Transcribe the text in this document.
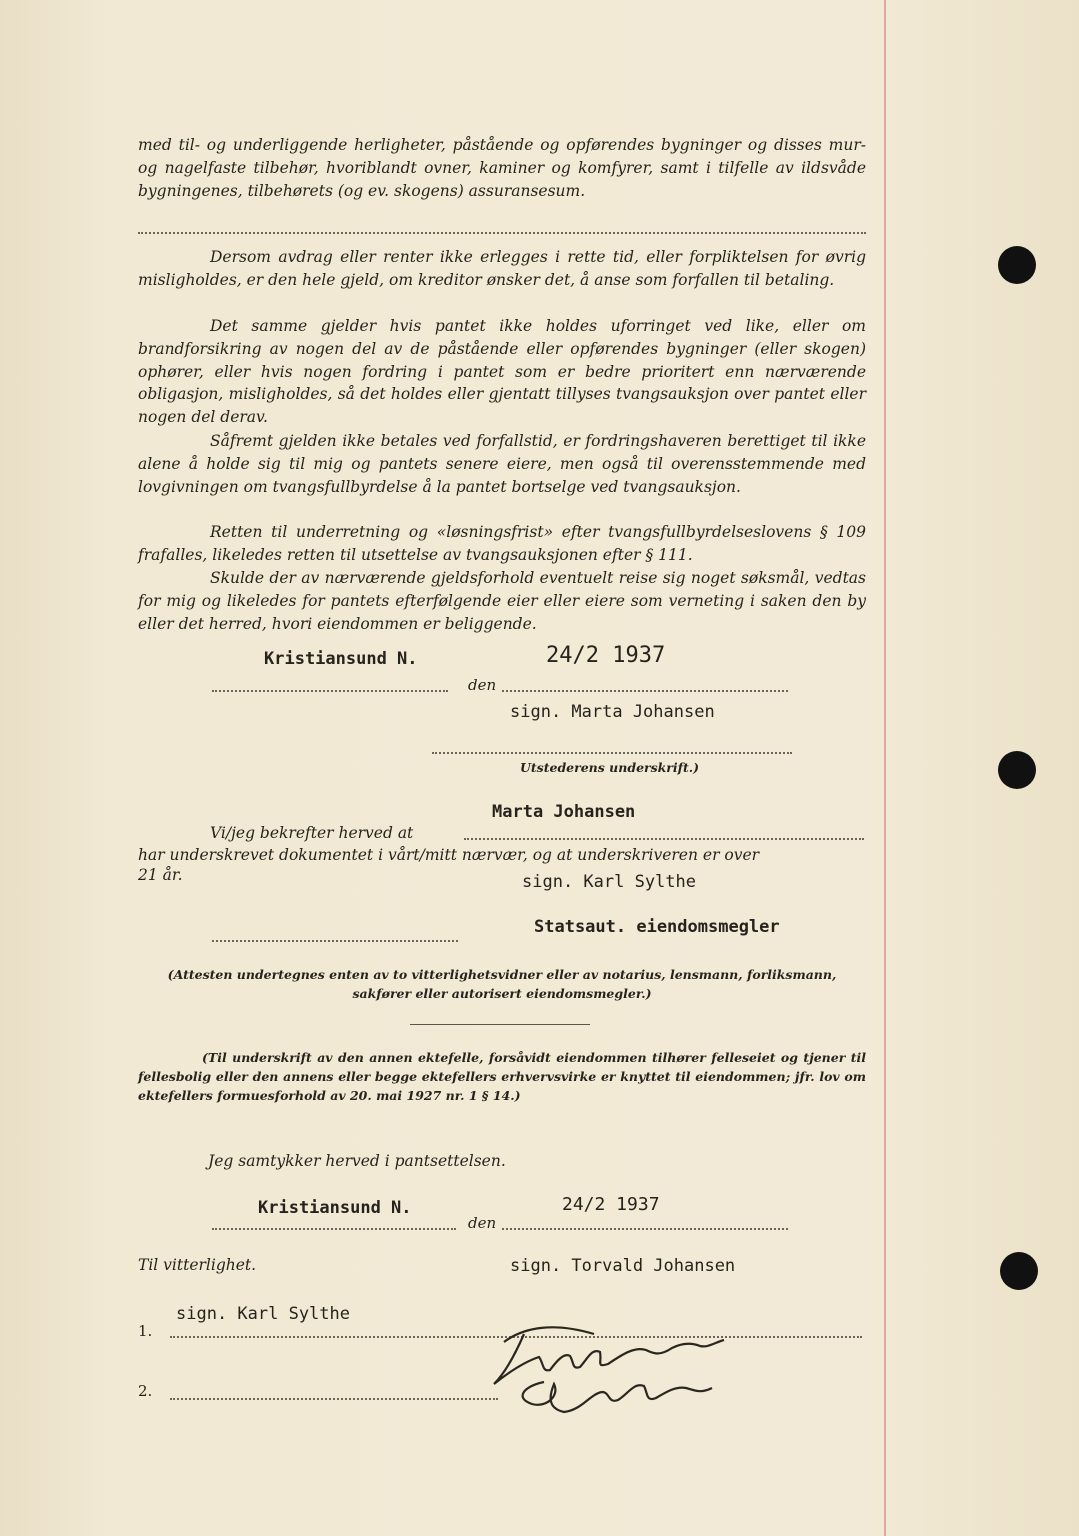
med til- og underliggende herligheter, påstående og opførendes bygninger og disses mur- og nagelfaste tilbehør, hvoriblandt ovner, kaminer og komfyrer, samt i tilfelle av ildsvåde bygningenes, tilbehørets (og ev. skogens) assuransesum.
Dersom avdrag eller renter ikke erlegges i rette tid, eller forpliktelsen for øvrig misligholdes, er den hele gjeld, om kreditor ønsker det, å anse som forfallen til betaling.
Det samme gjelder hvis pantet ikke holdes uforringet ved like, eller om brandforsikring av nogen del av de påstående eller opførendes bygninger (eller skogen) ophører, eller hvis nogen fordring i pantet som er bedre prioritert enn nærværende obligasjon, misligholdes, så det holdes eller gjentatt tillyses tvangsauksjon over pantet eller nogen del derav.
Såfremt gjelden ikke betales ved forfallstid, er fordringshaveren berettiget til ikke alene å holde sig til mig og pantets senere eiere, men også til overensstemmende med lovgivningen om tvangsfullbyrdelse å la pantet bortselge ved tvangsauksjon.
Retten til underretning og «løsningsfrist» efter tvangsfullbyrdelseslovens § 109 frafalles, likeledes retten til utsettelse av tvangsauksjonen efter § 111.
Skulde der av nærværende gjeldsforhold eventuelt reise sig noget søksmål, vedtas for mig og likeledes for pantets efterfølgende eier eller eiere som verneting i saken den by eller det herred, hvori eiendommen er beliggende.
Kristiansund N.	24/2 1937
den
sign. Marta Johansen
Utstederens underskrift.)
Marta Johansen
Vi/jeg bekrefter herved at
har underskrevet dokumentet i vårt/mitt nærvær, og at underskriveren er over
21 år.	sign. Karl Sylthe
Statsaut. eiendomsmegler
(Attesten undertegnes enten av to vitterlighetsvidner eller av notarius, lensmann, forliksmann, sakfører eller autorisert eiendomsmegler.)
(Til underskrift av den annen ektefelle, forsåvidt eiendommen tilhører felleseiet og tjener til fellesbolig eller den annens eller begge ektefellers erhvervsvirke er knyttet til eiendommen; jfr. lov om ektefellers formuesforhold av 20. mai 1927 nr. 1 § 14.)
Jeg samtykker herved i pantsettelsen.
Kristiansund N.	24/2 1937
den
Til vitterlighet.	sign. Torvald Johansen
1.
sign. Karl Sylthe
2.
